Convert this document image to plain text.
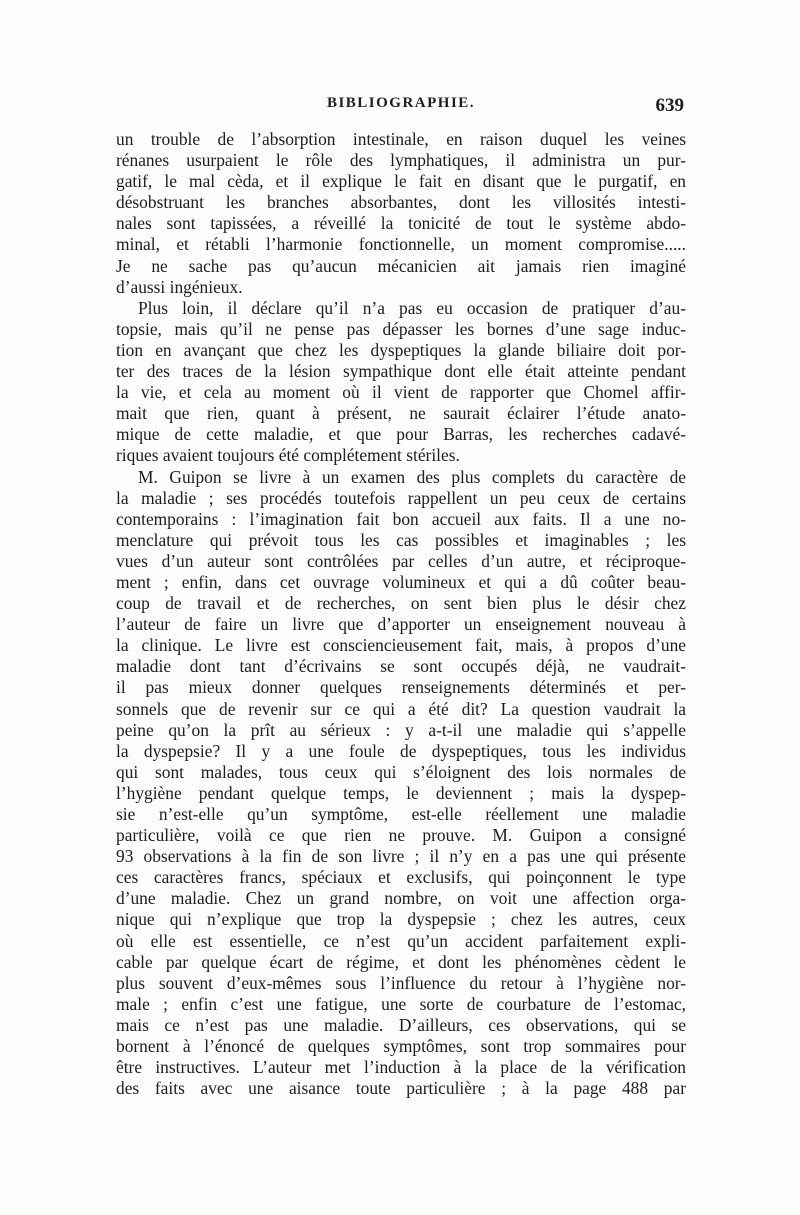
BIBLIOGRAPHIE.	639
un trouble de l’absorption intestinale, en raison duquel les veines
rénanes usurpaient le rôle des lymphatiques, il administra un pur-
gatif, le mal cèda, et il explique le fait en disant que le purgatif, en
désobstruant les branches absorbantes, dont les villosités intesti-
nales sont tapissées, a réveillé la tonicité de tout le système abdo-
minal, et rétabli l’harmonie fonctionnelle, un moment compromise.....
Je ne sache pas qu’aucun mécanicien ait jamais rien imaginé
d’aussi ingénieux.
Plus loin, il déclare qu’il n’a pas eu occasion de pratiquer d’au-
topsie, mais qu’il ne pense pas dépasser les bornes d’une sage induc-
tion en avançant que chez les dyspeptiques la glande biliaire doit por-
ter des traces de la lésion sympathique dont elle était atteinte pendant
la vie, et cela au moment où il vient de rapporter que Chomel affir-
mait que rien, quant à présent, ne saurait éclairer l’étude anato-
mique de cette maladie, et que pour Barras, les recherches cadavé-
riques avaient toujours été complétement stériles.
M. Guipon se livre à un examen des plus complets du caractère de
la maladie ; ses procédés toutefois rappellent un peu ceux de certains
contemporains : l’imagination fait bon accueil aux faits. Il a une no-
menclature qui prévoit tous les cas possibles et imaginables ; les
vues d’un auteur sont contrôlées par celles d’un autre, et réciproque-
ment ; enfin, dans cet ouvrage volumineux et qui a dû coûter beau-
coup de travail et de recherches, on sent bien plus le désir chez
l’auteur de faire un livre que d’apporter un enseignement nouveau à
la clinique. Le livre est consciencieusement fait, mais, à propos d’une
maladie dont tant d’écrivains se sont occupés déjà, ne vaudrait-
il pas mieux donner quelques renseignements déterminés et per-
sonnels que de revenir sur ce qui a été dit? La question vaudrait la
peine qu’on la prît au sérieux : y a-t-il une maladie qui s’appelle
la dyspepsie? Il y a une foule de dyspeptiques, tous les individus
qui sont malades, tous ceux qui s’éloignent des lois normales de
l’hygiène pendant quelque temps, le deviennent ; mais la dyspep-
sie n’est-elle qu’un symptôme, est-elle réellement une maladie
particulière, voilà ce que rien ne prouve. M. Guipon a consigné
93 observations à la fin de son livre ; il n’y en a pas une qui présente
ces caractères francs, spéciaux et exclusifs, qui poinçonnent le type
d’une maladie. Chez un grand nombre, on voit une affection orga-
nique qui n’explique que trop la dyspepsie ; chez les autres, ceux
où elle est essentielle, ce n’est qu’un accident parfaitement expli-
cable par quelque écart de régime, et dont les phénomènes cèdent le
plus souvent d’eux-mêmes sous l’influence du retour à l’hygiène nor-
male ; enfin c’est une fatigue, une sorte de courbature de l’estomac,
mais ce n’est pas une maladie. D’ailleurs, ces observations, qui se
bornent à l’énoncé de quelques symptômes, sont trop sommaires pour
être instructives. L’auteur met l’induction à la place de la vérification
des faits avec une aisance toute particulière ; à la page 488 par
